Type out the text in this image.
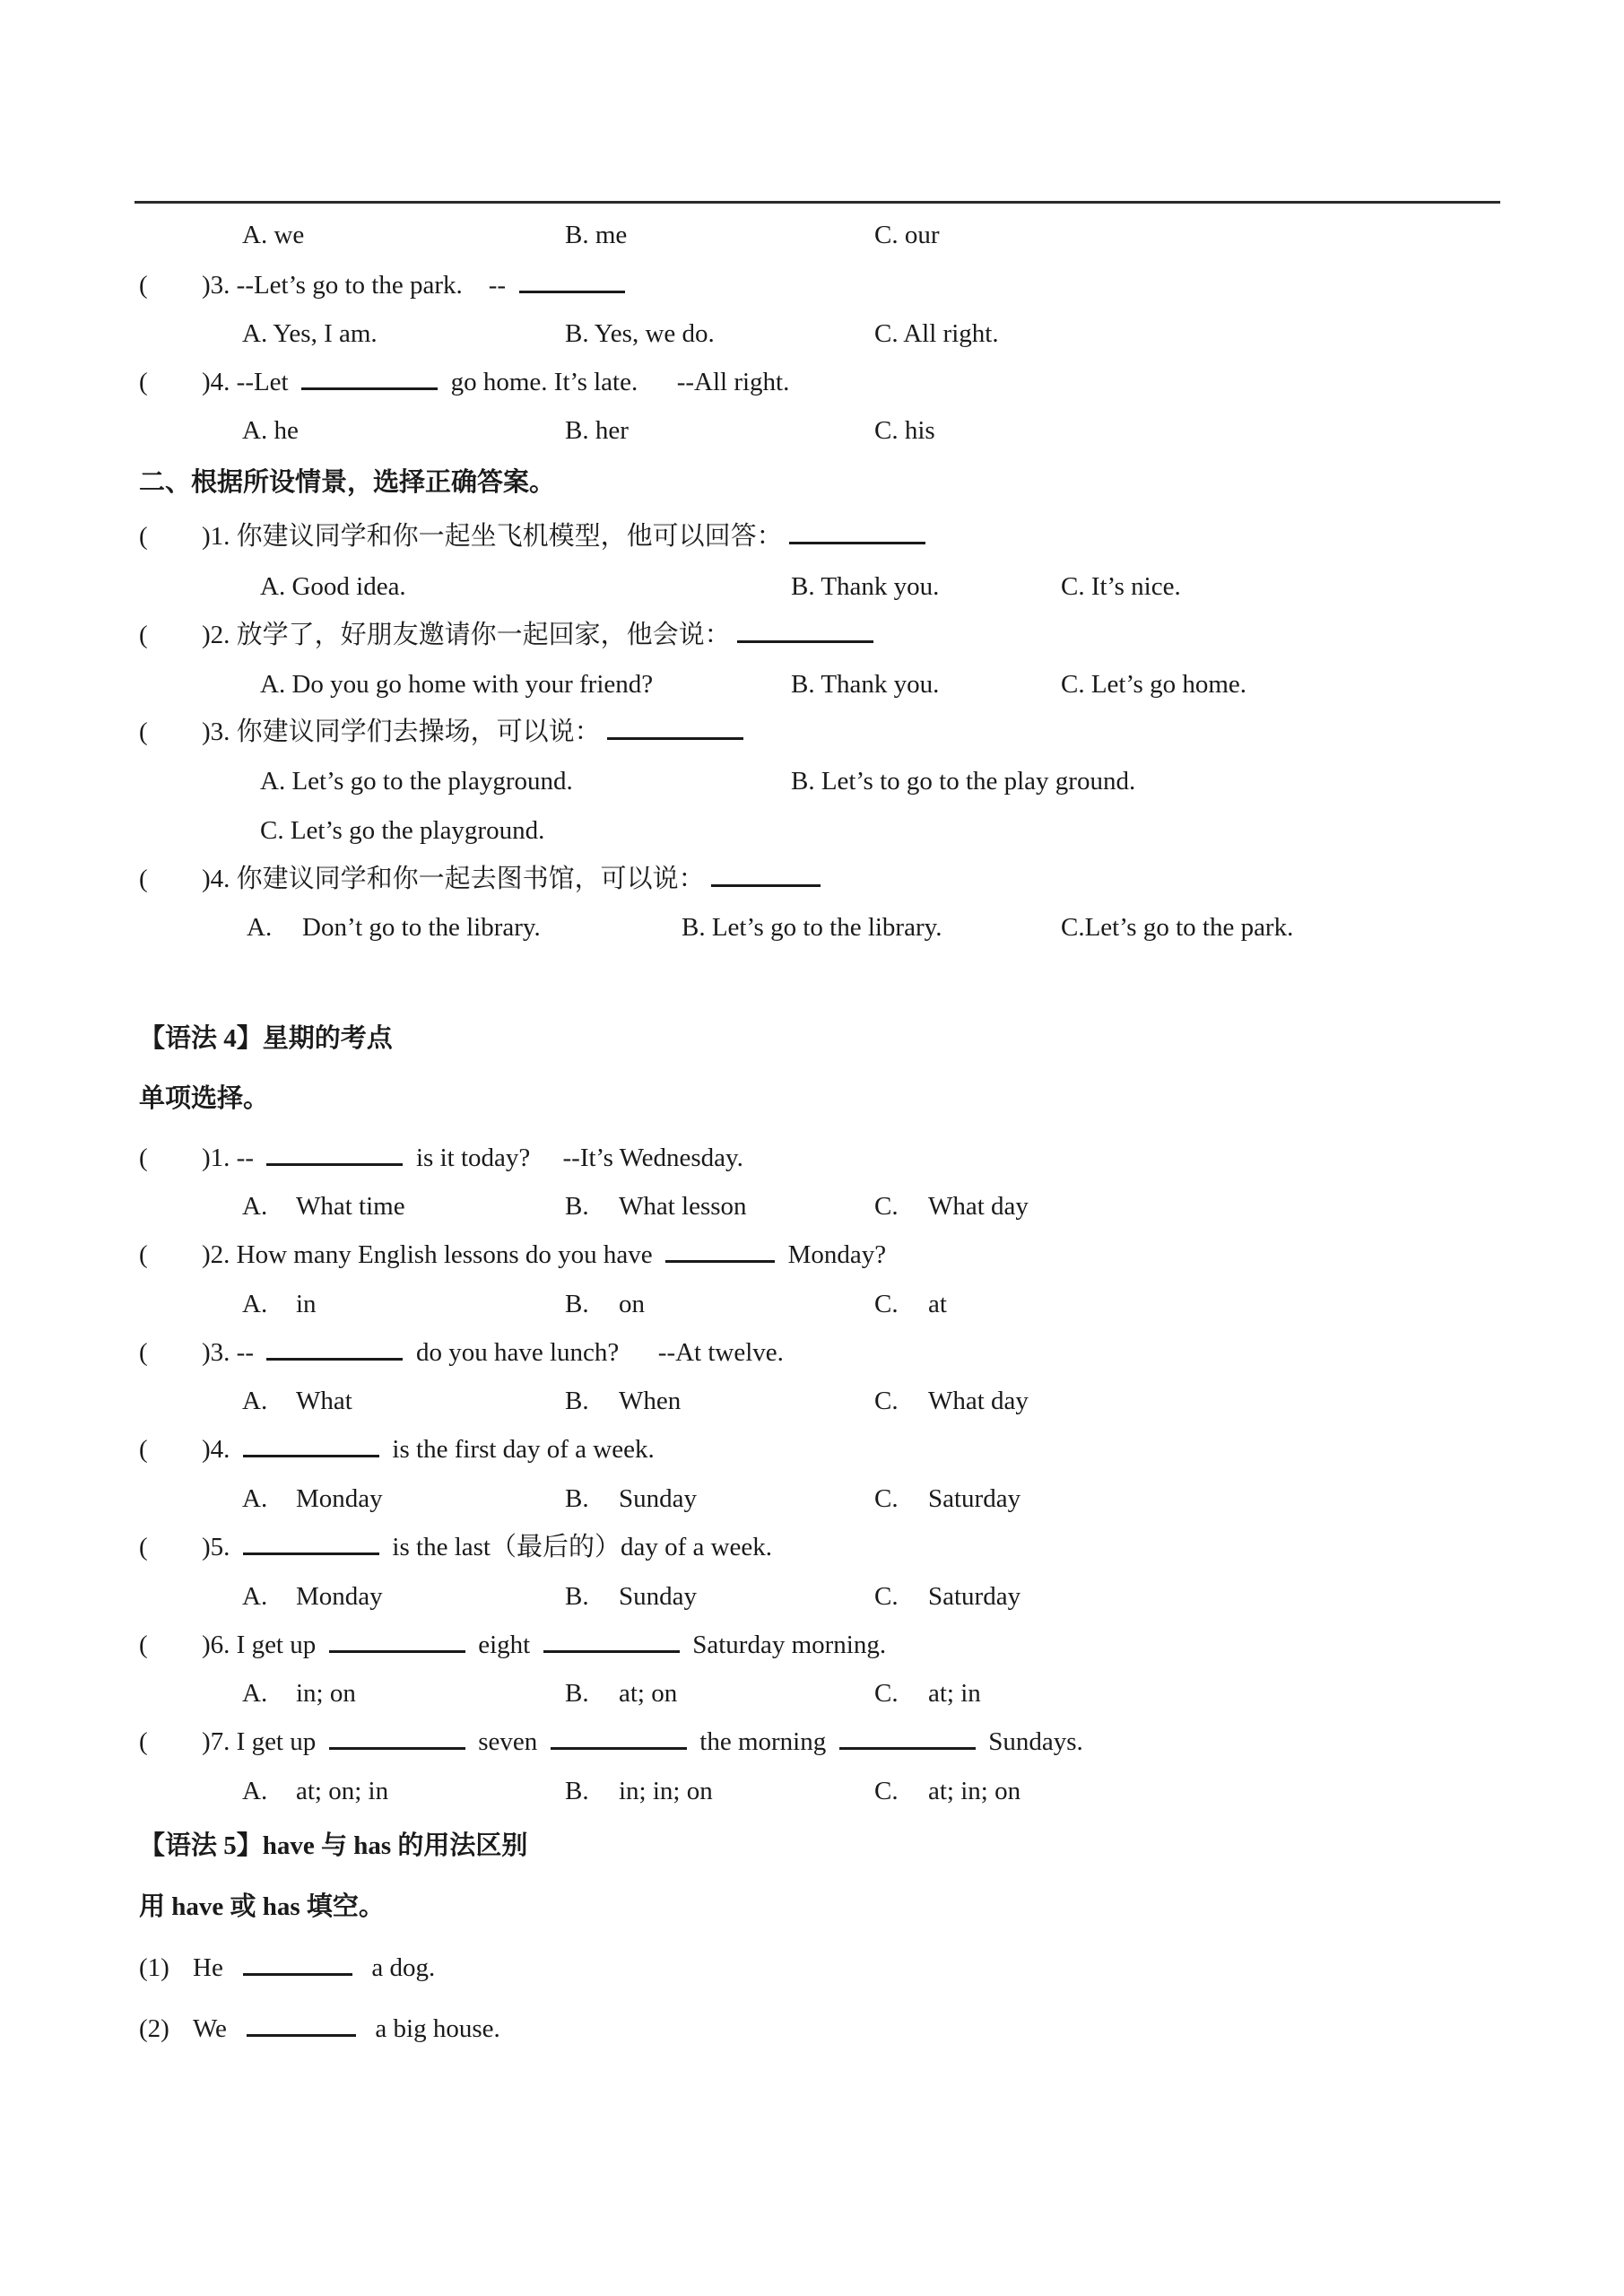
A. we	B. me	C. our
( )3. --Let’s go to the park. --
A. Yes, I am.	B. Yes, we do.	C. All right.
( )4. --Let	go home. It’s late. --All right.
A. he	B. her	C. his
二、根据所设情景，选择正确答案。
( )1. 你建议同学和你一起坐飞机模型，他可以回答：
A. Good idea.	B. Thank you.	C. It’s nice.
( )2. 放学了，好朋友邀请你一起回家，他会说：
A. Do you go home with your friend?	B. Thank you.	C. Let’s go home.
( )3. 你建议同学们去操场，可以说：
A. Let’s go to the playground.	B. Let’s to go to the play ground.
C. Let’s go the playground.
( )4. 你建议同学和你一起去图书馆，可以说：
A. Don’t go to the library.	B. Let’s go to the library.	C.Let’s go to the park.
【语法 4】星期的考点
单项选择。
( )1. --	is it today? --It’s Wednesday.
A. What time	B. What lesson	C. What day
( )2. How many English lessons do you have	Monday?
A. in	B. on	C. at
( )3. --	do you have lunch? --At twelve.
A. What	B. When	C. What day
( )4.	is the first day of a week.
A. Monday	B. Sunday	C. Saturday
( )5.	is the last（最后的）day of a week.
A. Monday	B. Sunday	C. Saturday
( )6. I get up	eight	Saturday morning.
A. in; on	B. at; on	C. at; in
( )7. I get up	seven	the morning	Sundays.
A. at; on; in	B. in; in; on	C. at; in; on
【语法 5】have 与 has 的用法区别
用 have 或 has 填空。
(1) He	a dog.
(2) We	a big house.
